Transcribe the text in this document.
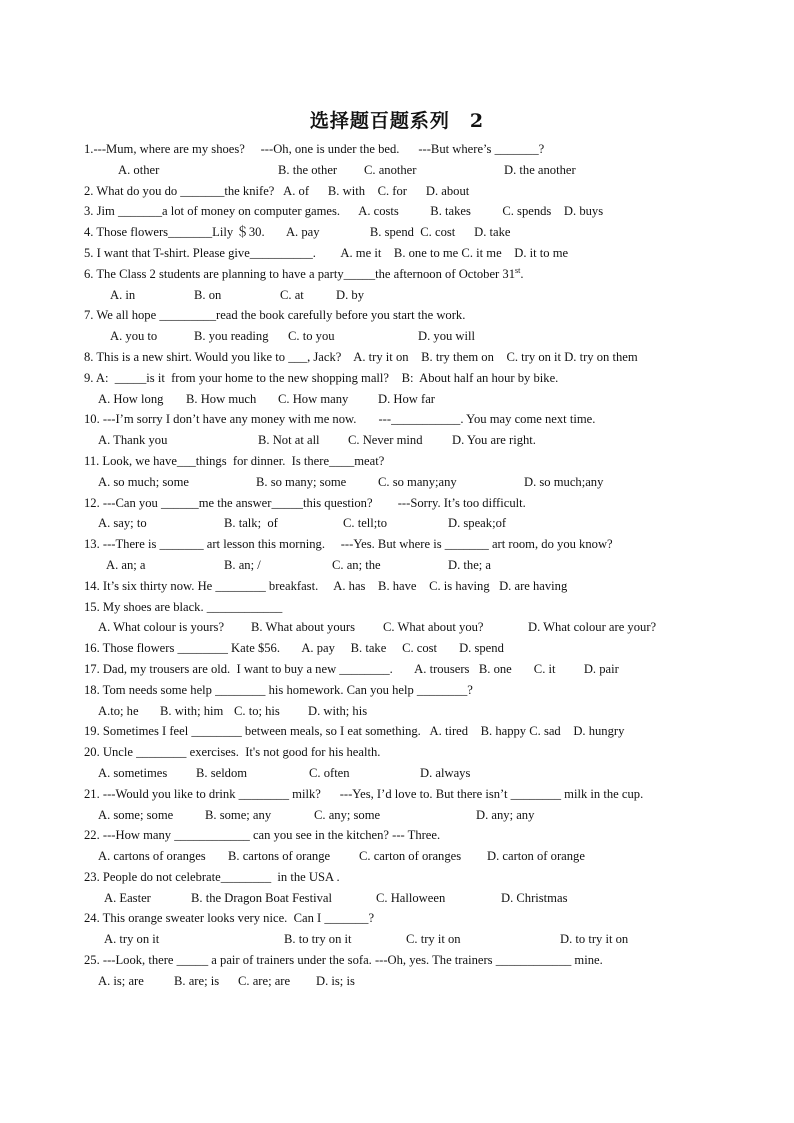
选择题百题系列　2
1.---Mum, where are my shoes?     ---Oh, one is under the bed.      ---But where’s _______?
A. other	B. the other C. another	D. the another
2. What do you do _______the knife?   A. of      B. with    C. for      D. about
3. Jim _______a lot of money on computer games.      A. costs          B. takes          C. spends    D. buys
4. Those flowers_______Lily ＄30.       A. pay                B. spend  C. cost      D. take
5. I want that T-shirt. Please give__________.        A. me it    B. one to me C. it me    D. it to me
6. The Class 2 students are planning to have a party_____the afternoon of October 31st.
A. in	B. on	C. at	D. by
7. We all hope _________read the book carefully before you start the work.
A. you to	B. you reading C. to you	D. you will
8. This is a new shirt. Would you like to ___, Jack?    A. try it on    B. try them on    C. try on it D. try on them
9. A:  _____is it  from your home to the new shopping mall?    B:  About half an hour by bike.
A. How long B. How much C. How many D. How far
10. ---I’m sorry I don’t have any money with me now.       ---___________. You may come next time.
A. Thank you	B. Not at all C. Never mind D. You are right.
11. Look, we have___things  for dinner.  Is there____meat?
A. so much; some	B. so many; some	C. so many;any	D. so much;any
12. ---Can you ______me the answer_____this question?        ---Sorry. It’s too difficult.
A. say; to	B. talk;  of	C. tell;to	D. speak;of
13. ---There is _______ art lesson this morning.     ---Yes. But where is _______ art room, do you know?
A. an; a	B. an; /	C. an; the	D. the; a
14. It’s six thirty now. He ________ breakfast.     A. has    B. have    C. is having   D. are having
15. My shoes are black. ____________
A. What colour is yours? B. What about yours C. What about you?	D. What colour are your?
16. Those flowers ________ Kate $56.       A. pay     B. take     C. cost       D. spend
17. Dad, my trousers are old.  I want to buy a new ________.       A. trousers   B. one       C. it         D. pair
18. Tom needs some help ________ his homework. Can you help ________?
A.to; he B. with; him C. to; his D. with; his
19. Sometimes I feel ________ between meals, so I eat something.   A. tired    B. happy C. sad    D. hungry
20. Uncle ________ exercises.  It's not good for his health.
A. sometimes B. seldom	C. often	D. always
21. ---Would you like to drink ________ milk?      ---Yes, I’d love to. But there isn’t ________ milk in the cup.
A. some; some	B. some; any	C. any; some	D. any; any
22. ---How many ____________ can you see in the kitchen? --- Three.
A. cartons of oranges B. cartons of orange C. carton of oranges D. carton of orange
23. People do not celebrate________  in the USA .
A. Easter	B. the Dragon Boat Festival	C. Halloween	D. Christmas
24. This orange sweater looks very nice.  Can I _______?
A. try on it	B. to try on it	C. try it on	D. to try it on
25. ---Look, there _____ a pair of trainers under the sofa. ---Oh, yes. The trainers ____________ mine.
A. is; are B. are; is C. are; are D. is; is
